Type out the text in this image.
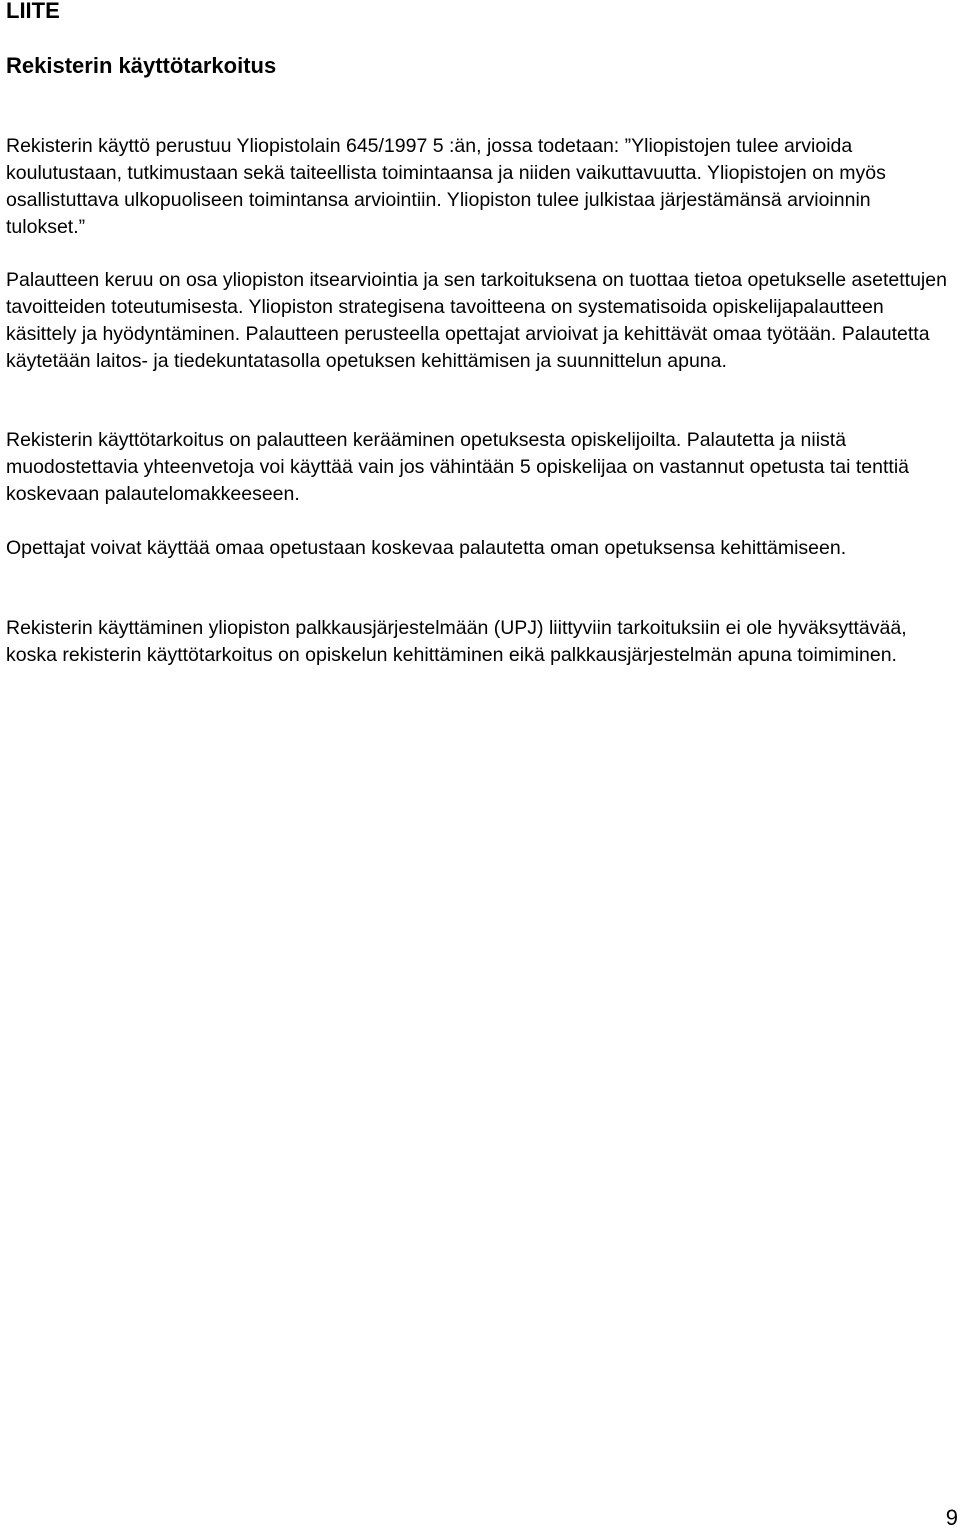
LIITE

Rekisterin käyttötarkoitus

Rekisterin käyttö perustuu Yliopistolain 645/1997 5 :än, jossa todetaan: ”Yliopistojen tulee arvioida koulutustaan, tutkimustaan sekä taiteellista toimintaansa ja niiden vaikuttavuutta. Yliopistojen on myös osallistuttava ulkopuoliseen toimintansa arviointiin. Yliopiston tulee julkistaa järjestämänsä arvioinnin tulokset.”

Palautteen keruu on osa yliopiston itsearviointia ja sen tarkoituksena on tuottaa tietoa opetukselle asetettujen tavoitteiden toteutumisesta. Yliopiston strategisena tavoitteena on systematisoida opiskelijapalautteen käsittely ja hyödyntäminen. Palautteen perusteella opettajat arvioivat ja kehittävät omaa työtään. Palautetta käytetään laitos- ja tiedekuntatasolla opetuksen kehittämisen ja suunnittelun apuna.

Rekisterin käyttötarkoitus on palautteen kerääminen opetuksesta opiskelijoilta. Palautetta ja niistä muodostettavia yhteenvetoja voi käyttää vain jos vähintään 5 opiskelijaa on vastannut opetusta tai tenttiä koskevaan palautelomakkeeseen.

Opettajat voivat käyttää omaa opetustaan koskevaa palautetta oman opetuksensa kehittämiseen.

Rekisterin käyttäminen yliopiston palkkausjärjestelmään (UPJ) liittyviin tarkoituksiin ei ole hyväksyttävää, koska rekisterin käyttötarkoitus on opiskelun kehittäminen eikä palkkausjärjestelmän apuna toimiminen.

9
